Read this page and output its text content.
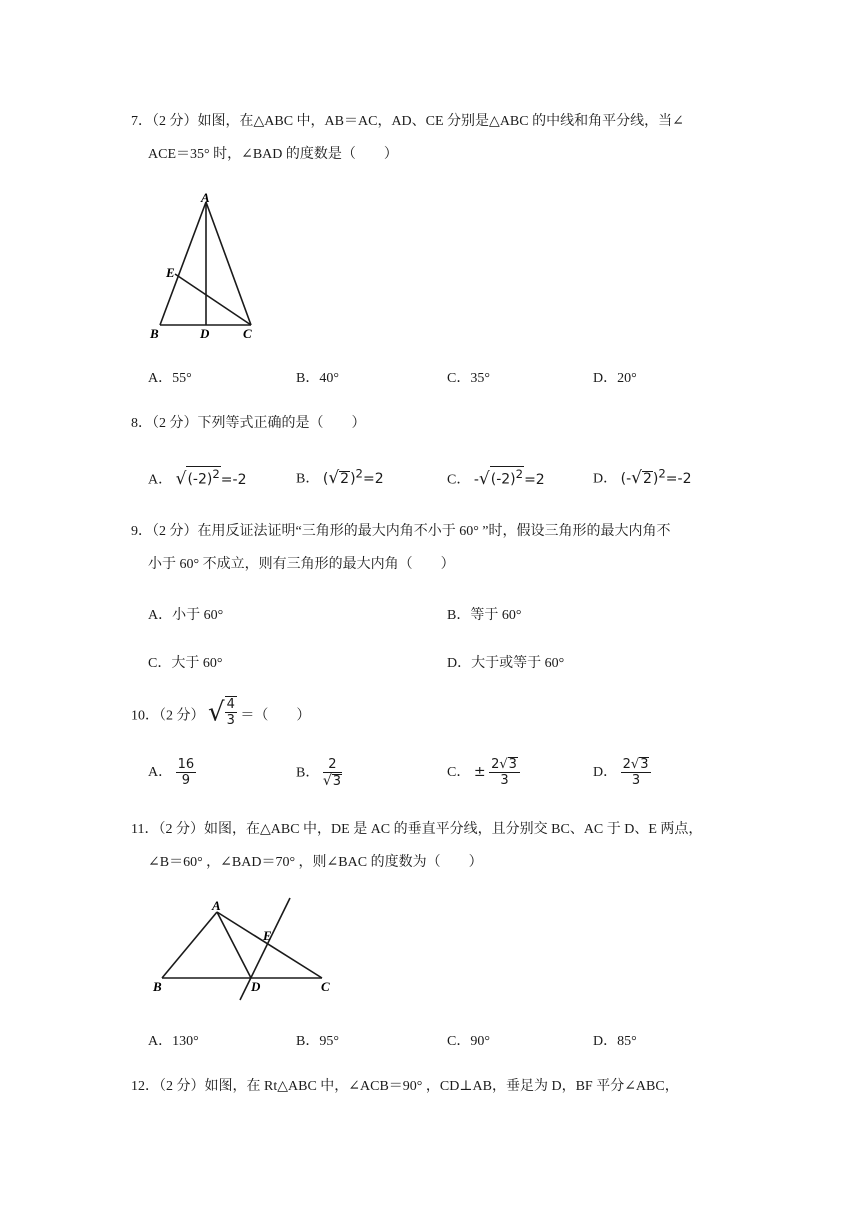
7．（2 分）如图，在△ABC 中，AB＝AC，AD、CE 分别是△ABC 的中线和角平分线，当∠
ACE＝35° 时，∠BAD 的度数是（　　）
A
E
B	D	C
A．55°	B．40°	C．35°	D．20°
8．（2 分）下列等式正确的是（　　）
A． $√(-2)^2=-2$	B． $(√2)^2=2$	C． $-√(-2)^2=2$	D． $(-√2)^2=-2$
9．（2 分）在用反证法证明“三角形的最大内角不小于 60° ”时，假设三角形的最大内角不
小于 60° 不成立，则有三角形的最大内角（　　）
A．小于 60°	B．等于 60°
C．大于 60°	D．大于或等于 60°
10．（2 分） √ $\frac{4}{3}$ ＝（　　）
A． $\frac{16}{9}$	B． $\frac{2}{√3}$	C． ± $\frac{2√3}{3}$	D． $\frac{2√3}{3}$
11．（2 分）如图，在△ABC 中，DE 是 AC 的垂直平分线，且分别交 BC、AC 于 D、E 两点，
∠B＝60° ，∠BAD＝70° ，则∠BAC 的度数为（　　）
A
E
B	D	C
A．130°	B．95°	C．90°	D．85°
12．（2 分）如图，在 Rt△ABC 中，∠ACB＝90° ，CD⊥AB，垂足为 D，BF 平分∠ABC，
